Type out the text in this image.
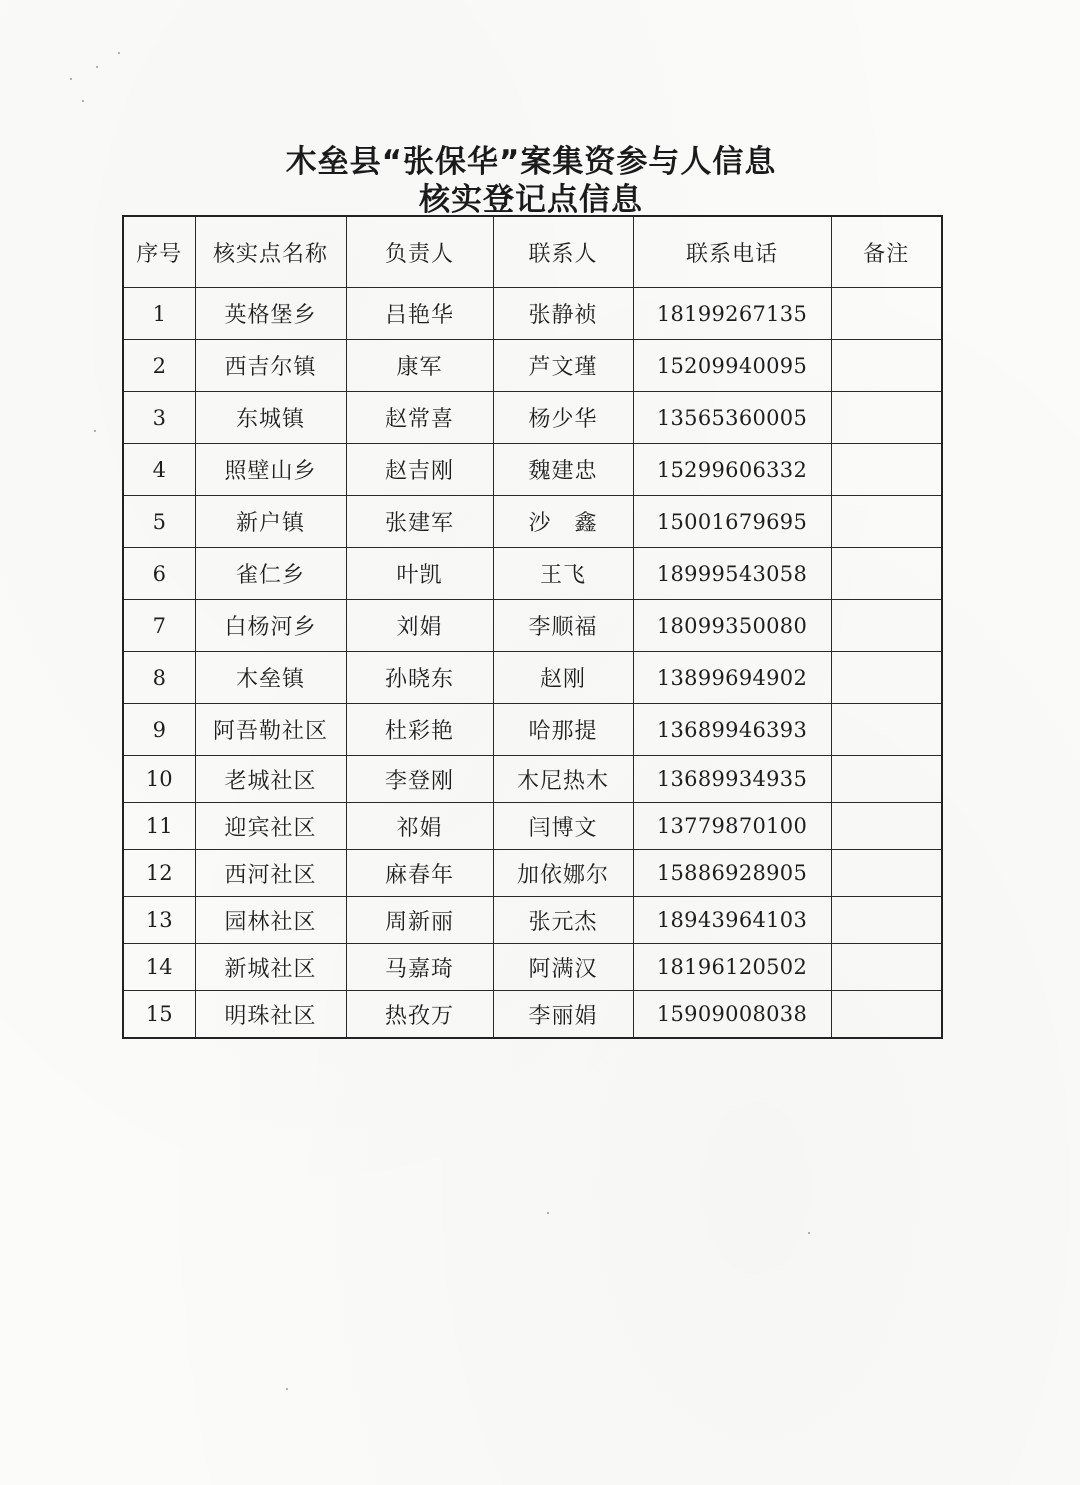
木垒县“张保华”案集资参与人信息
核实登记点信息
序号	核实点名称	负责人	联系人	联系电话	备注
1	英格堡乡	吕艳华	张静祯	18199267135	
2	西吉尔镇	康军	芦文瑾	15209940095	
3	东城镇	赵常喜	杨少华	13565360005	
4	照壁山乡	赵吉刚	魏建忠	15299606332	
5	新户镇	张建军	沙　鑫	15001679695	
6	雀仁乡	叶凯	王飞	18999543058	
7	白杨河乡	刘娟	李顺福	18099350080	
8	木垒镇	孙晓东	赵刚	13899694902	
9	阿吾勒社区	杜彩艳	哈那提	13689946393	
10	老城社区	李登刚	木尼热木	13689934935	
11	迎宾社区	祁娟	闫博文	13779870100	
12	西河社区	麻春年	加依娜尔	15886928905	
13	园林社区	周新丽	张元杰	18943964103	
14	新城社区	马嘉琦	阿满汉	18196120502	
15	明珠社区	热孜万	李丽娟	15909008038	
